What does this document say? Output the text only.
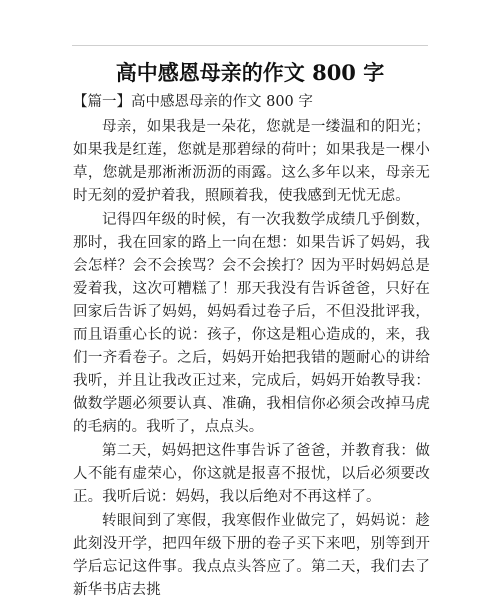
高中感恩母亲的作文 800 字
【篇一】高中感恩母亲的作文 800 字

母亲，如果我是一朵花，您就是一缕温和的阳光；如果我是红莲，您就是那碧绿的荷叶；如果我是一棵小草，您就是那淅淅沥沥的雨露。这么多年以来，母亲无时无刻的爱护着我，照顾着我，使我感到无忧无虑。

记得四年级的时候，有一次我数学成绩几乎倒数，那时，我在回家的路上一向在想：如果告诉了妈妈，我会怎样？会不会挨骂？会不会挨打？因为平时妈妈总是爱着我，这次可糟糕了！那天我没有告诉爸爸，只好在回家后告诉了妈妈，妈妈看过卷子后，不但没批评我，而且语重心长的说：孩子，你这是粗心造成的，来，我们一齐看卷子。之后，妈妈开始把我错的题耐心的讲给我听，并且让我改正过来，完成后，妈妈开始教导我：做数学题必须要认真、准确，我相信你必须会改掉马虎的毛病的。我听了，点点头。

第二天，妈妈把这件事告诉了爸爸，并教育我：做人不能有虚荣心，你这就是报喜不报忧，以后必须要改正。我听后说：妈妈，我以后绝对不再这样了。

转眼间到了寒假，我寒假作业做完了，妈妈说：趁此刻没开学，把四年级下册的卷子买下来吧，别等到开学后忘记这件事。我点点头答应了。第二天，我们去了新华书店去挑
